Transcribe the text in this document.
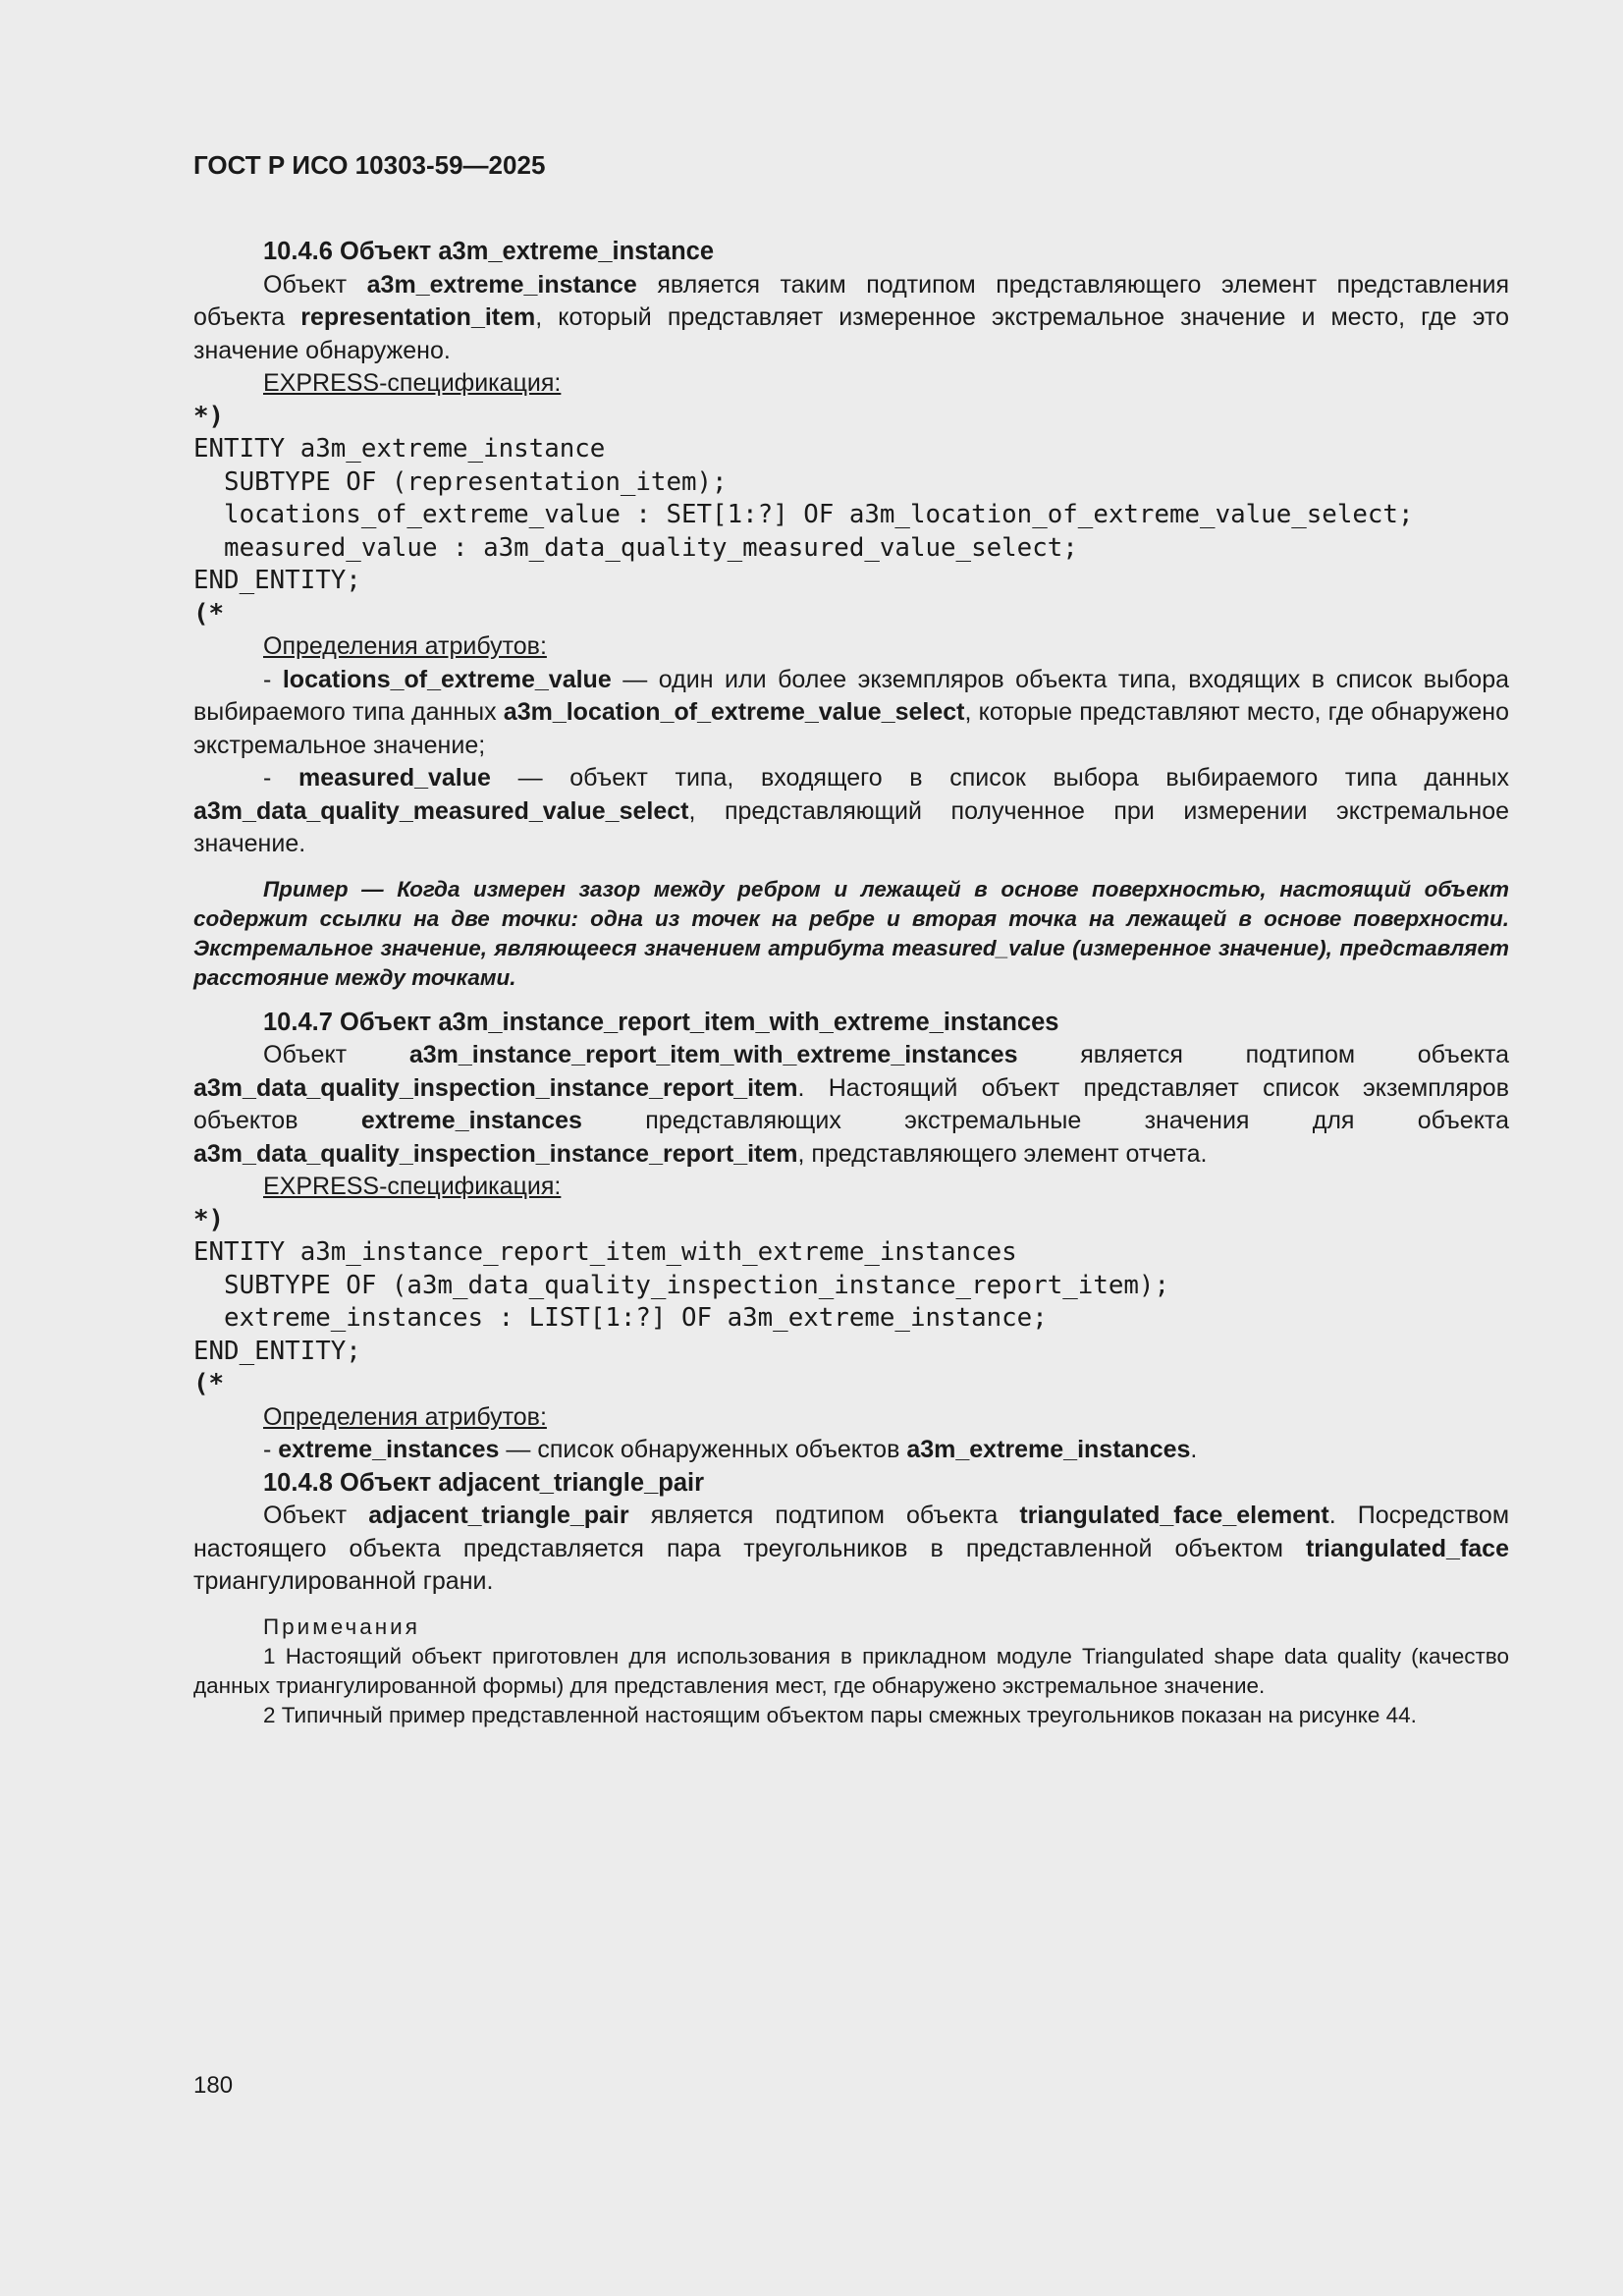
ГОСТ Р ИСО 10303-59—2025
10.4.6 Объект a3m_extreme_instance

Объект a3m_extreme_instance является таким подтипом представляющего элемент представления объекта representation_item, который представляет измеренное экстремальное значение и место, где это значение обнаружено.

EXPRESS-спецификация:

*)
ENTITY a3m_extreme_instance
SUBTYPE OF (representation_item);
locations_of_extreme_value : SET[1:?] OF a3m_location_of_extreme_value_select;
measured_value : a3m_data_quality_measured_value_select;
END_ENTITY;
(*

Определения атрибутов:

- locations_of_extreme_value — один или более экземпляров объекта типа, входящих в список выбора выбираемого типа данных a3m_location_of_extreme_value_select, которые представляют место, где обнаружено экстремальное значение;

- measured_value — объект типа, входящего в список выбора выбираемого типа данных a3m_data_quality_measured_value_select, представляющий полученное при измерении экстремальное значение.

Пример — Когда измерен зазор между ребром и лежащей в основе поверхностью, настоящий объект содержит ссылки на две точки: одна из точек на ребре и вторая точка на лежащей в основе поверхности. Экстремальное значение, являющееся значением атрибута measured_value (измеренное значение), представляет расстояние между точками.

10.4.7 Объект a3m_instance_report_item_with_extreme_instances

Объект a3m_instance_report_item_with_extreme_instances является подтипом объекта a3m_data_quality_inspection_instance_report_item. Настоящий объект представляет список экземпляров объектов extreme_instances представляющих экстремальные значения для объекта a3m_data_quality_inspection_instance_report_item, представляющего элемент отчета.

EXPRESS-спецификация:

*)
ENTITY a3m_instance_report_item_with_extreme_instances
SUBTYPE OF (a3m_data_quality_inspection_instance_report_item);
extreme_instances : LIST[1:?] OF a3m_extreme_instance;
END_ENTITY;
(*

Определения атрибутов:

- extreme_instances — список обнаруженных объектов a3m_extreme_instances.

10.4.8 Объект adjacent_triangle_pair

Объект adjacent_triangle_pair является подтипом объекта triangulated_face_element. Посредством настоящего объекта представляется пара треугольников в представленной объектом triangulated_face триангулированной грани.

Примечания

1 Настоящий объект приготовлен для использования в прикладном модуле Triangulated shape data quality (качество данных триангулированной формы) для представления мест, где обнаружено экстремальное значение.

2 Типичный пример представленной настоящим объектом пары смежных треугольников показан на рисунке 44.

180
